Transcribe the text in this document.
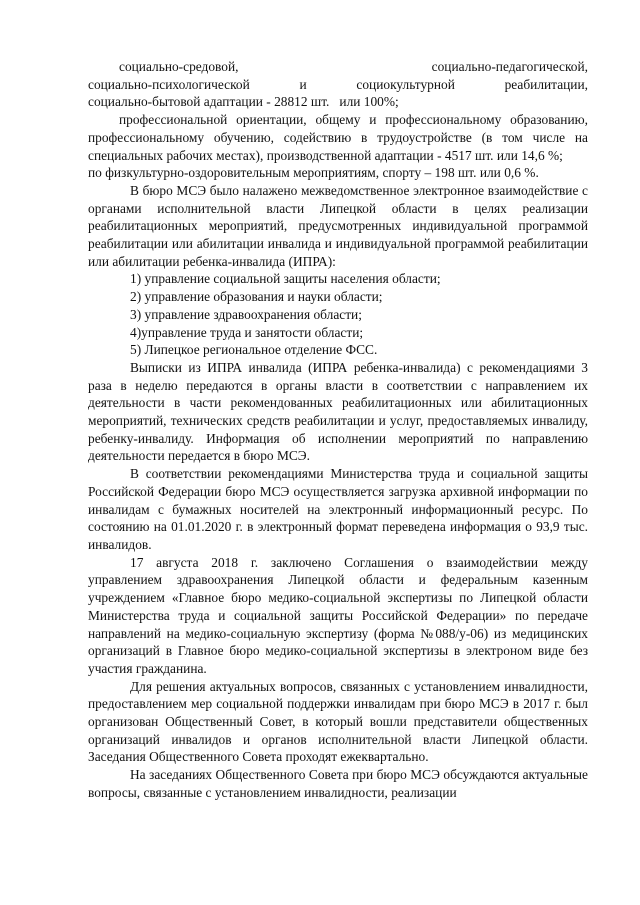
социально-средовой,	социально-педагогической,
социально-психологической	и	социокультурной	реабилитации,

социально-бытовой адаптации - 28812 шт.   или 100%;

профессиональной ориентации, общему и профессиональному образованию, профессиональному обучению, содействию в трудоустройстве (в том числе на специальных рабочих местах), производственной адаптации - 4517 шт. или 14,6 %;

по физкультурно-оздоровительным мероприятиям, спорту – 198 шт. или 0,6 %.

В бюро МСЭ было налажено межведомственное электронное взаимодействие с органами исполнительной власти Липецкой области в целях реализации реабилитационных мероприятий, предусмотренных индивидуальной программой реабилитации или абилитации инвалида и индивидуальной программой реабилитации или абилитации ребенка-инвалида (ИПРА):

1) управление социальной защиты населения области;

2) управление образования и науки области;

3) управление здравоохранения области;

4)управление труда и занятости области;

5) Липецкое региональное отделение ФСС.

Выписки из ИПРА инвалида (ИПРА ребенка-инвалида) с рекомендациями 3 раза в неделю передаются в органы власти в соответствии с направлением их деятельности в части рекомендованных реабилитационных или абилитационных мероприятий, технических средств реабилитации и услуг, предоставляемых инвалиду, ребенку-инвалиду. Информация об исполнении мероприятий по направлению деятельности передается в бюро МСЭ.

В соответствии рекомендациями Министерства труда и социальной защиты Российской Федерации бюро МСЭ осуществляется загрузка архивной информации по инвалидам с бумажных носителей на электронный информационный ресурс. По состоянию на 01.01.2020 г. в электронный формат переведена информация о 93,9 тыс. инвалидов.

17 августа 2018 г. заключено Соглашения о взаимодействии между управлением здравоохранения Липецкой области и федеральным казенным учреждением «Главное бюро медико-социальной экспертизы по Липецкой области Министерства труда и социальной защиты Российской Федерации» по передаче направлений на медико-социальную экспертизу (форма №088/у-06) из медицинских организаций в Главное бюро медико-социальной экспертизы в электроном виде без участия гражданина.

Для решения актуальных вопросов, связанных с установлением инвалидности, предоставлением мер социальной поддержки инвалидам при бюро МСЭ в 2017 г. был организован Общественный Совет, в который вошли представители общественных организаций инвалидов и органов исполнительной власти Липецкой области. Заседания Общественного Совета проходят ежеквартально.

На заседаниях Общественного Совета при бюро МСЭ обсуждаются актуальные вопросы, связанные с установлением инвалидности, реализации
